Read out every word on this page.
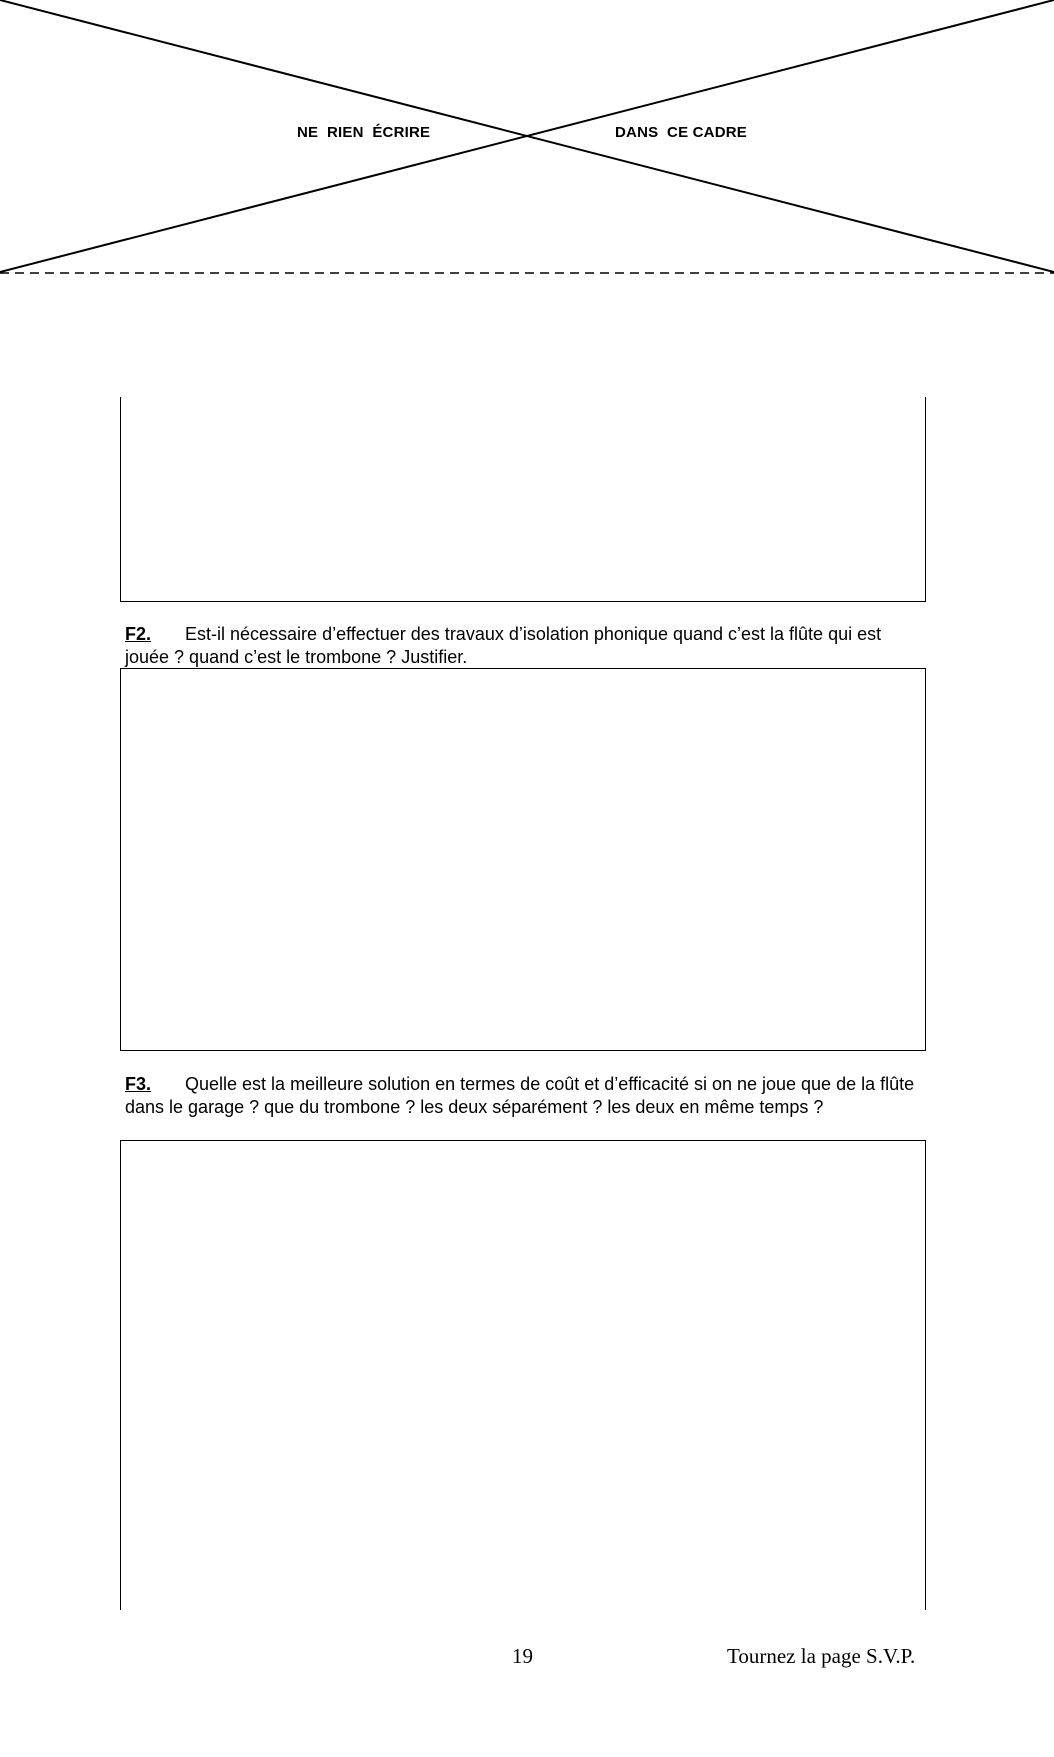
NE  RIEN  ÉCRIRE	DANS  CE CADRE

F2. Est-il nécessaire d’effectuer des travaux d’isolation phonique quand c’est la flûte qui est jouée ? quand c’est le trombone ? Justifier.

F3. Quelle est la meilleure solution en termes de coût et d’efficacité si on ne joue que de la flûte dans le garage ? que du trombone ? les deux séparément ? les deux en même temps ?

19	Tournez la page S.V.P.
